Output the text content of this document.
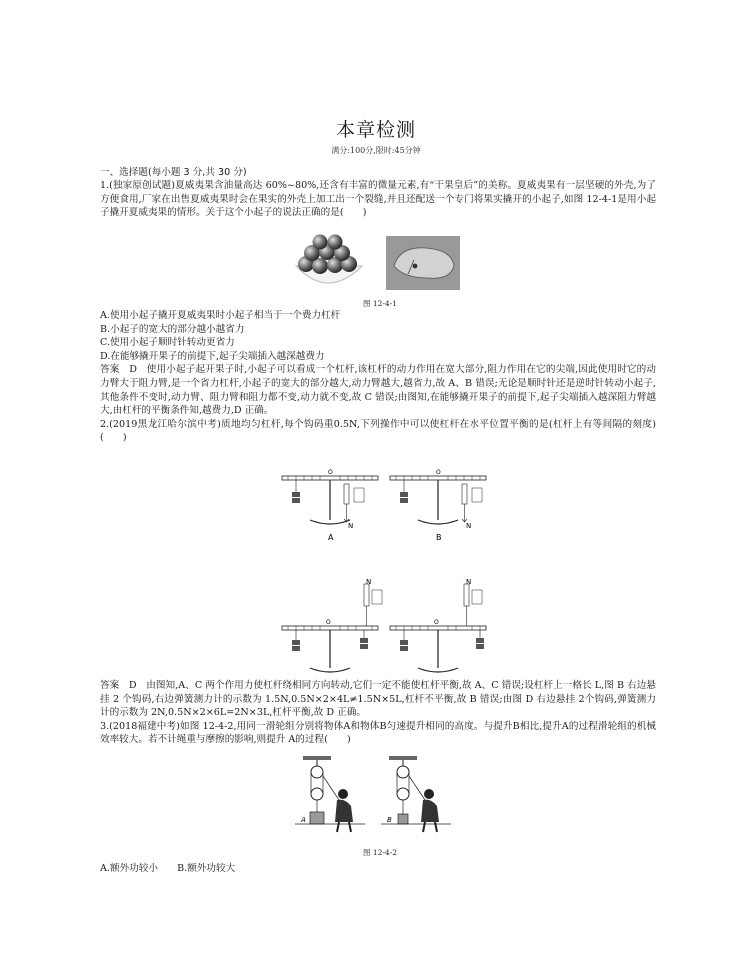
本章检测
满分:100分,限时:45分钟
一、选择题(每小题 3 分,共 30 分)

1.(独家原创试题)夏威夷果含油量高达 60%~80%,还含有丰富的微量元素,有“干果皇后”的美称。夏威夷果有一层坚硬的外壳,为了方便食用,厂家在出售夏威夷果时会在果实的外壳上加工出一个裂缝,并且还配送一个专门将果实撬开的小起子,如图 12-4-1是用小起子撬开夏威夷果的情形。关于这个小起子的说法正确的是(　　)

图 12-4-1

A.使用小起子撬开夏威夷果时小起子相当于一个费力杠杆

B.小起子的宽大的部分越小越省力

C.使用小起子顺时针转动更省力

D.在能够撬开果子的前提下,起子尖端插入越深越费力

答案　D　使用小起子起开果子时,小起子可以看成一个杠杆,该杠杆的动力作用在宽大部分,阻力作用在它的尖端,因此使用时它的动力臂大于阻力臂,是一个省力杠杆,小起子的宽大的部分越大,动力臂越大,越省力,故 A、B 错误;无论是顺时针还是逆时针转动小起子,其他条件不变时,动力臂、阻力臂和阻力都不变,动力就不变,故 C 错误;由图知,在能够撬开果子的前提下,起子尖端插入越深阻力臂越大,由杠杆的平衡条件知,越费力,D 正确。

2.(2019黑龙江哈尔滨中考)质地均匀杠杆,每个钩码重0.5N,下列操作中可以使杠杆在水平位置平衡的是(杠杆上有等间隔的刻度)(　　)

O
N
A
O
N
B
N
O
N
O

答案　D　由图知,A、C 两个作用力使杠杆绕相同方向转动,它们一定不能使杠杆平衡,故 A、C 错误;设杠杆上一格长 L,图 B 右边悬挂 2 个钩码,右边弹簧测力计的示数为 1.5N,0.5N×2×4L≠1.5N×5L,杠杆不平衡,故 B 错误;由图 D 右边悬挂 2个钩码,弹簧测力计的示数为 2N,0.5N×2×6L=2N×3L,杠杆平衡,故 D 正确。

3.(2018福建中考)如图 12-4-2,用同一滑轮组分别将物体A和物体B匀速提升相同的高度。与提升B相比,提升A的过程滑轮组的机械效率较大。若不计绳重与摩擦的影响,则提升 A的过程(　　)

A	B
图 12-4-2
A.额外功较小　　B.额外功较大
